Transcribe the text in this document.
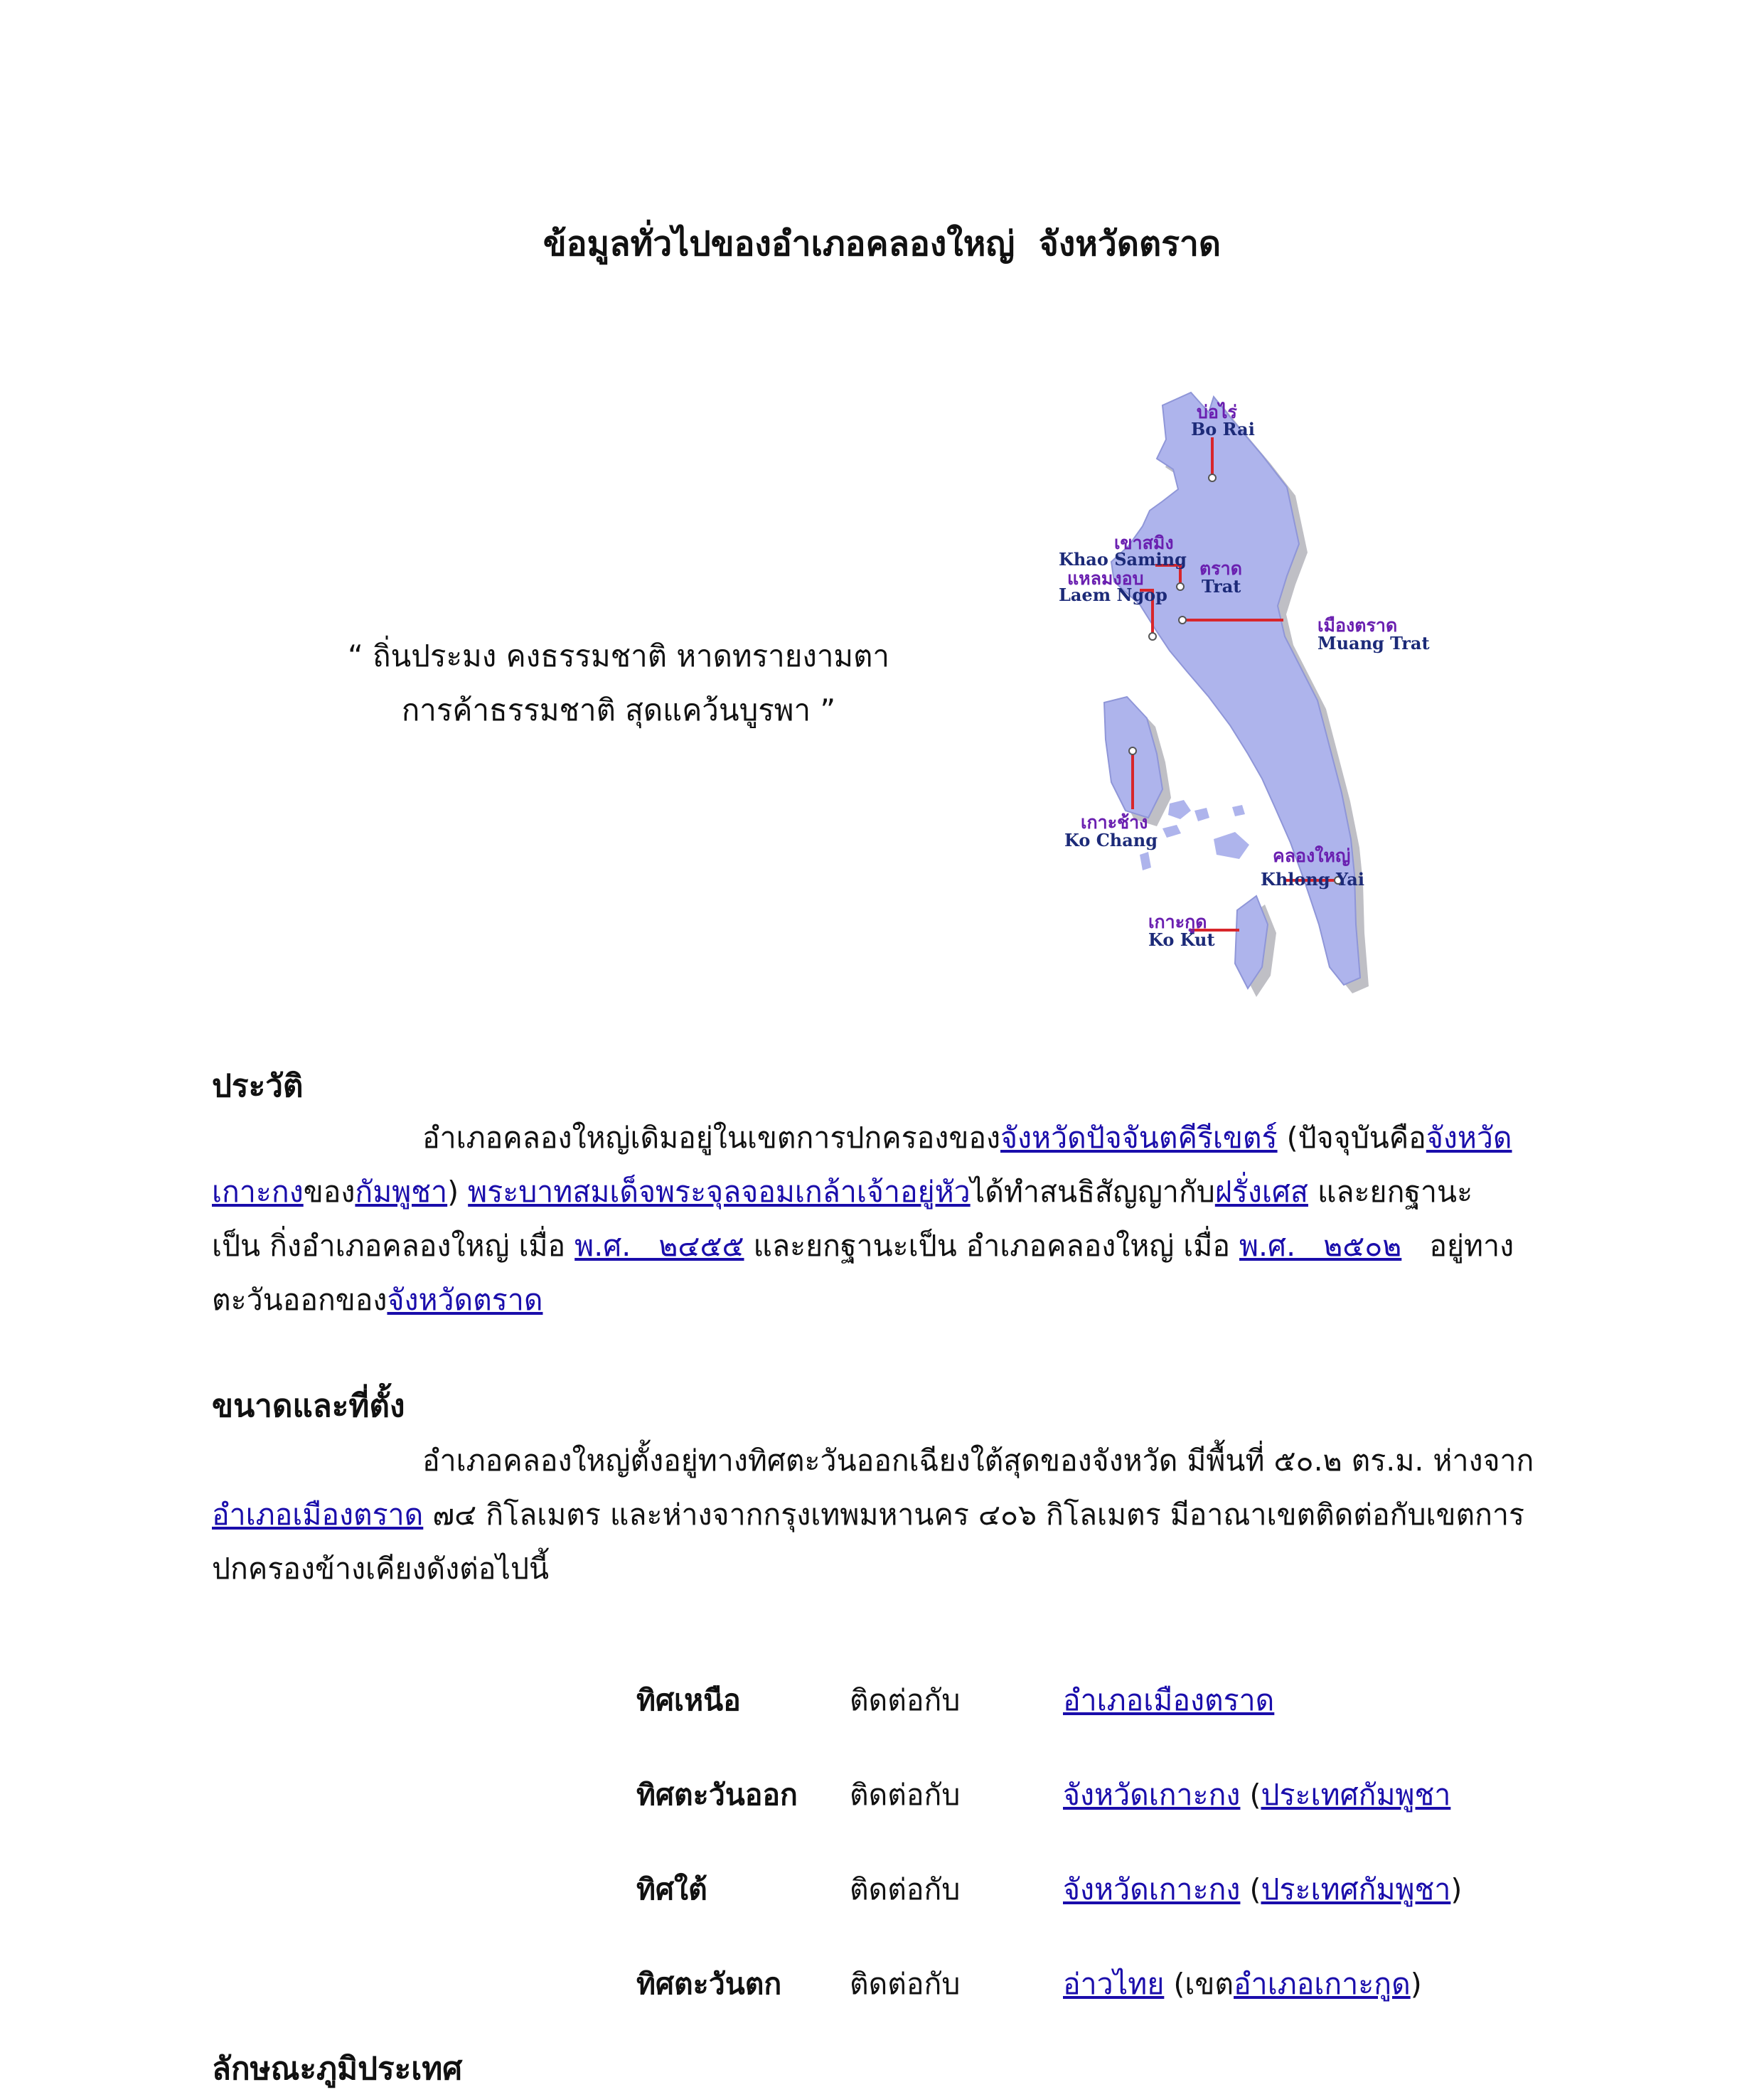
ข้อมูลทั่วไปของอำเภอคลองใหญ่  จังหวัดตราด
“ ถิ่นประมง คงธรรมชาติ หาดทรายงามตา
การค้าธรรมชาติ สุดแคว้นบูรพา ”
บ่อไร่
Bo Rai
เขาสมิง
Khao Saming
แหลมงอบ
Laem Ngop
ตราด
Trat
เมืองตราด
Muang Trat
เกาะช้าง
Ko Chang
คลองใหญ่
Khlong Yai
เกาะกูด
Ko Kut
ประวัติ
อำเภอคลองใหญ่เดิมอยู่ในเขตการปกครองของจังหวัดปัจจันตคีรีเขตร์ (ปัจจุบันคือจังหวัด
เกาะกงของกัมพูชา) พระบาทสมเด็จพระจุลจอมเกล้าเจ้าอยู่หัวได้ทำสนธิสัญญากับฝรั่งเศส และยกฐานะ
เป็น กิ่งอำเภอคลองใหญ่ เมื่อ พ.ศ.   ๒๔๕๕ และยกฐานะเป็น อำเภอคลองใหญ่ เมื่อ พ.ศ.   ๒๕๐๒   อยู่ทาง
ตะวันออกของจังหวัดตราด
ขนาดและที่ตั้ง
อำเภอคลองใหญ่ตั้งอยู่ทางทิศตะวันออกเฉียงใต้สุดของจังหวัด มีพื้นที่ ๕๐.๒ ตร.ม. ห่างจาก
อำเภอเมืองตราด ๗๔ กิโลเมตร และห่างจากกรุงเทพมหานคร ๔๐๖ กิโลเมตร มีอาณาเขตติดต่อกับเขตการ
ปกครองข้างเคียงดังต่อไปนี้
ทิศเหนือ	ติดต่อกับ	อำเภอเมืองตราด
ทิศตะวันออก	ติดต่อกับ	จังหวัดเกาะกง (ประเทศกัมพูชา
ทิศใต้	ติดต่อกับ	จังหวัดเกาะกง (ประเทศกัมพูชา)
ทิศตะวันตก	ติดต่อกับ	อ่าวไทย (เขตอำเภอเกาะกูด)
ลักษณะภูมิประเทศ
